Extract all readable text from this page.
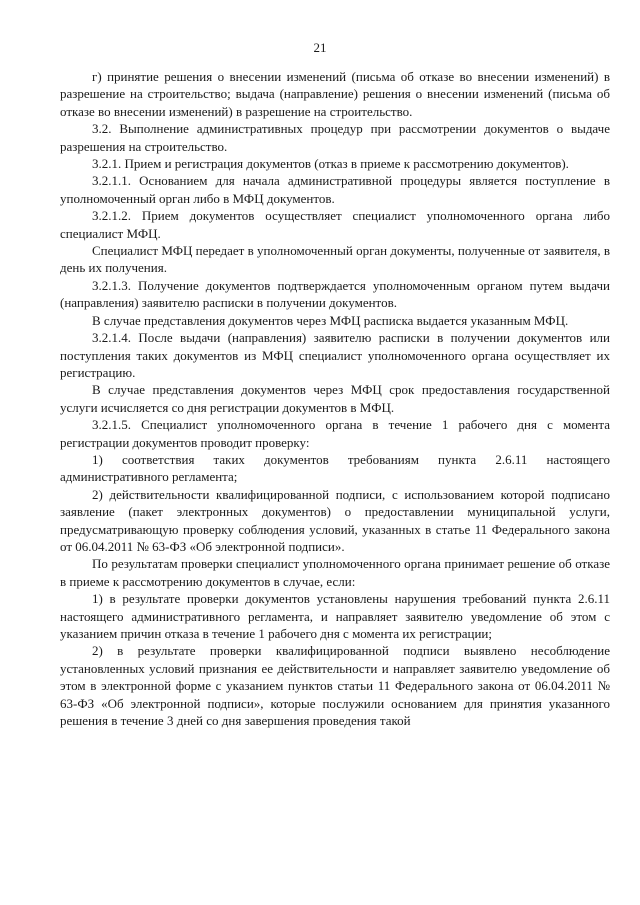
21

г) принятие решения о внесении изменений (письма об отказе во внесении изменений) в разрешение на строительство; выдача (направление) решения о внесении изменений (письма об отказе во внесении изменений) в разрешение на строительство.

3.2. Выполнение административных процедур при рассмотрении документов о выдаче разрешения на строительство.

3.2.1. Прием и регистрация документов (отказ в приеме к рассмотрению документов).

3.2.1.1. Основанием для начала административной процедуры является поступление в уполномоченный орган либо в МФЦ документов.

3.2.1.2. Прием документов осуществляет специалист уполномоченного органа либо специалист МФЦ.

Специалист МФЦ передает в уполномоченный орган документы, полученные от заявителя, в день их получения.

3.2.1.3. Получение документов подтверждается уполномоченным органом путем выдачи (направления) заявителю расписки в получении документов.

В случае представления документов через МФЦ расписка выдается указанным МФЦ.

3.2.1.4. После выдачи (направления) заявителю расписки в получении документов или поступления таких документов из МФЦ специалист уполномоченного органа осуществляет их регистрацию.

В случае представления документов через МФЦ срок предоставления государственной услуги исчисляется со дня регистрации документов в МФЦ.

3.2.1.5. Специалист уполномоченного органа в течение 1 рабочего дня с момента регистрации документов проводит проверку:

1) соответствия таких документов требованиям пункта 2.6.11 настоящего административного регламента;

2) действительности квалифицированной подписи, с использованием которой подписано заявление (пакет электронных документов) о предоставлении муниципальной услуги, предусматривающую проверку соблюдения условий, указанных в статье 11 Федерального закона от 06.04.2011 № 63-ФЗ «Об электронной подписи».

По результатам проверки специалист уполномоченного органа принимает решение об отказе в приеме к рассмотрению документов в случае, если:

1) в результате проверки документов установлены нарушения требований пункта 2.6.11 настоящего административного регламента, и направляет заявителю уведомление об этом с указанием причин отказа в течение 1 рабочего дня с момента их регистрации;

2) в результате проверки квалифицированной подписи выявлено несоблюдение установленных условий признания ее действительности и направляет заявителю уведомление об этом в электронной форме с указанием пунктов статьи 11 Федерального закона от 06.04.2011 № 63-ФЗ «Об электронной подписи», которые послужили основанием для принятия указанного решения в течение 3 дней со дня завершения проведения такой
